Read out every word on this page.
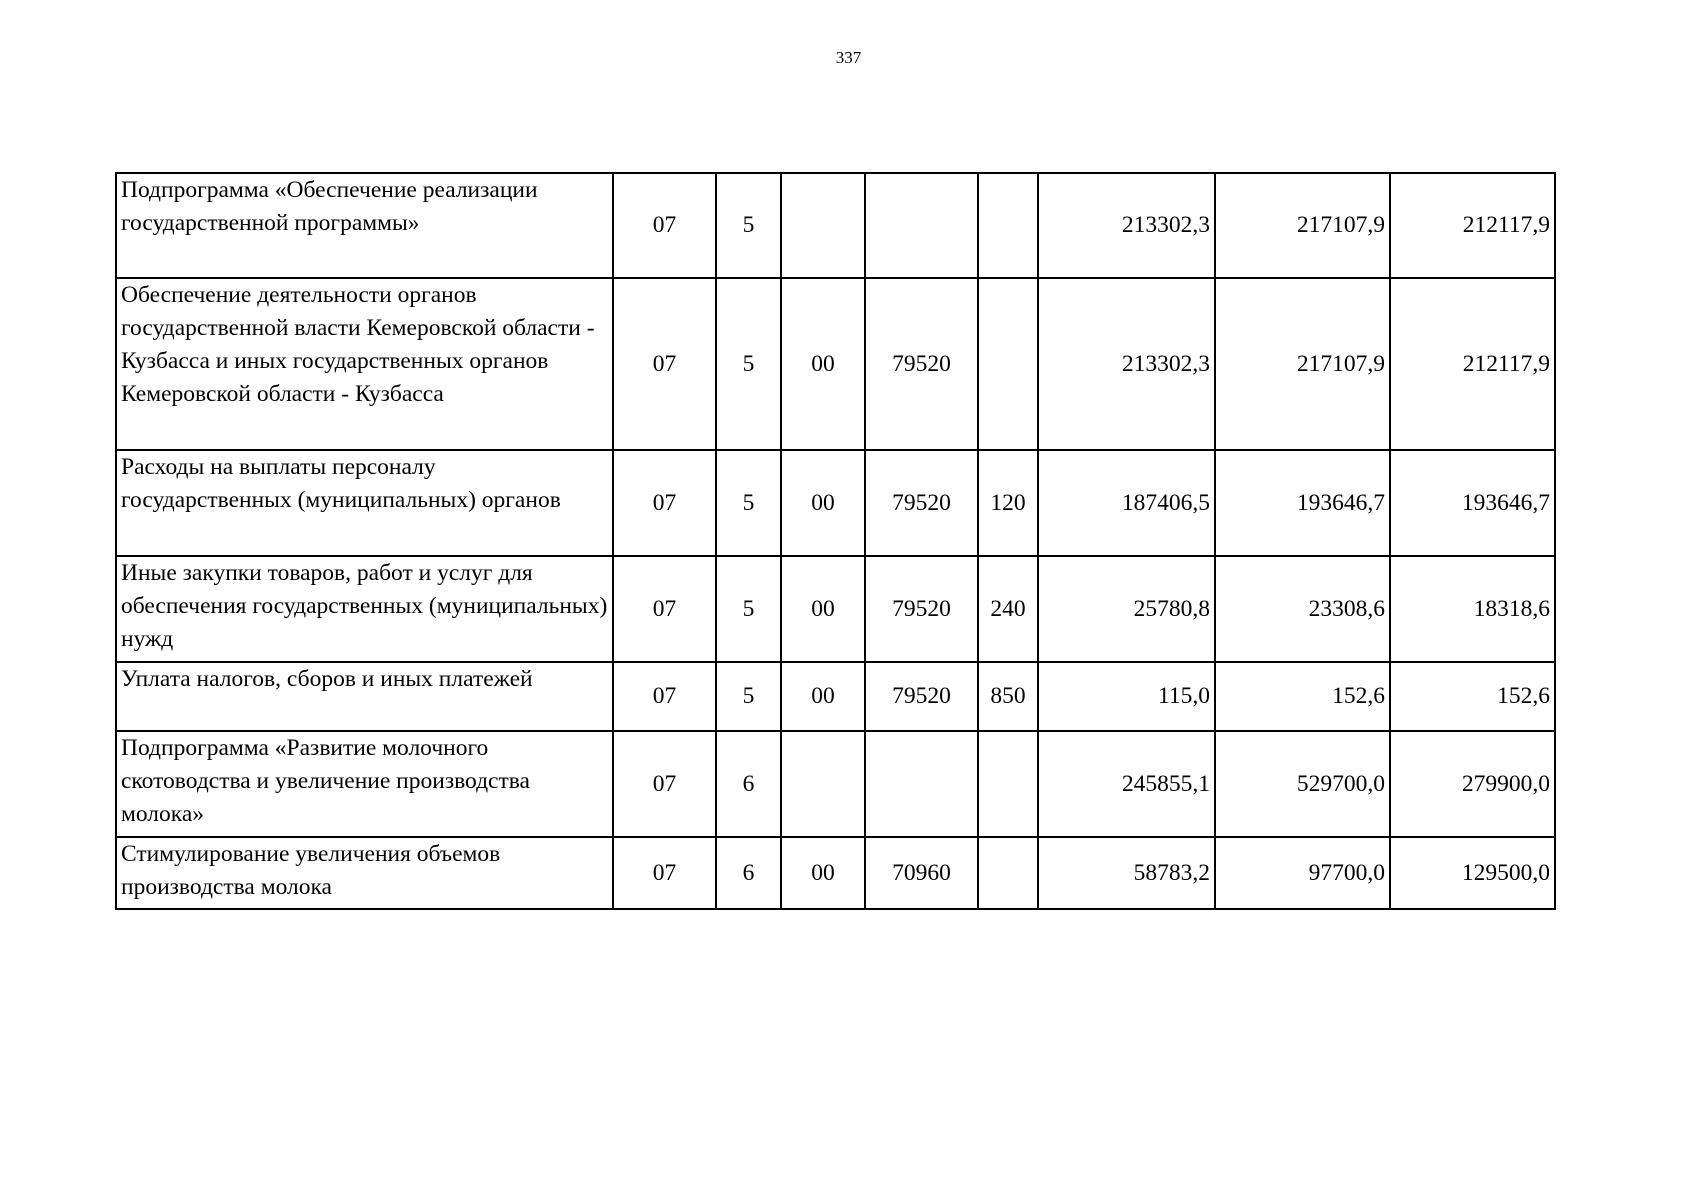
337
Подпрограмма «Обеспечение реализации государственной программы»	07	5				213302,3	217107,9	212117,9
Обеспечение деятельности органов государственной власти Кемеровской области - Кузбасса и иных государственных органов Кемеровской области - Кузбасса	07	5	00	79520		213302,3	217107,9	212117,9
Расходы на выплаты персоналу государственных (муниципальных) органов	07	5	00	79520	120	187406,5	193646,7	193646,7
Иные закупки товаров, работ и услуг для обеспечения государственных (муниципальных) нужд	07	5	00	79520	240	25780,8	23308,6	18318,6
Уплата налогов, сборов и иных платежей	07	5	00	79520	850	115,0	152,6	152,6
Подпрограмма «Развитие молочного скотоводства и увеличение производства молока»	07	6				245855,1	529700,0	279900,0
Стимулирование увеличения объемов производства молока	07	6	00	70960		58783,2	97700,0	129500,0
